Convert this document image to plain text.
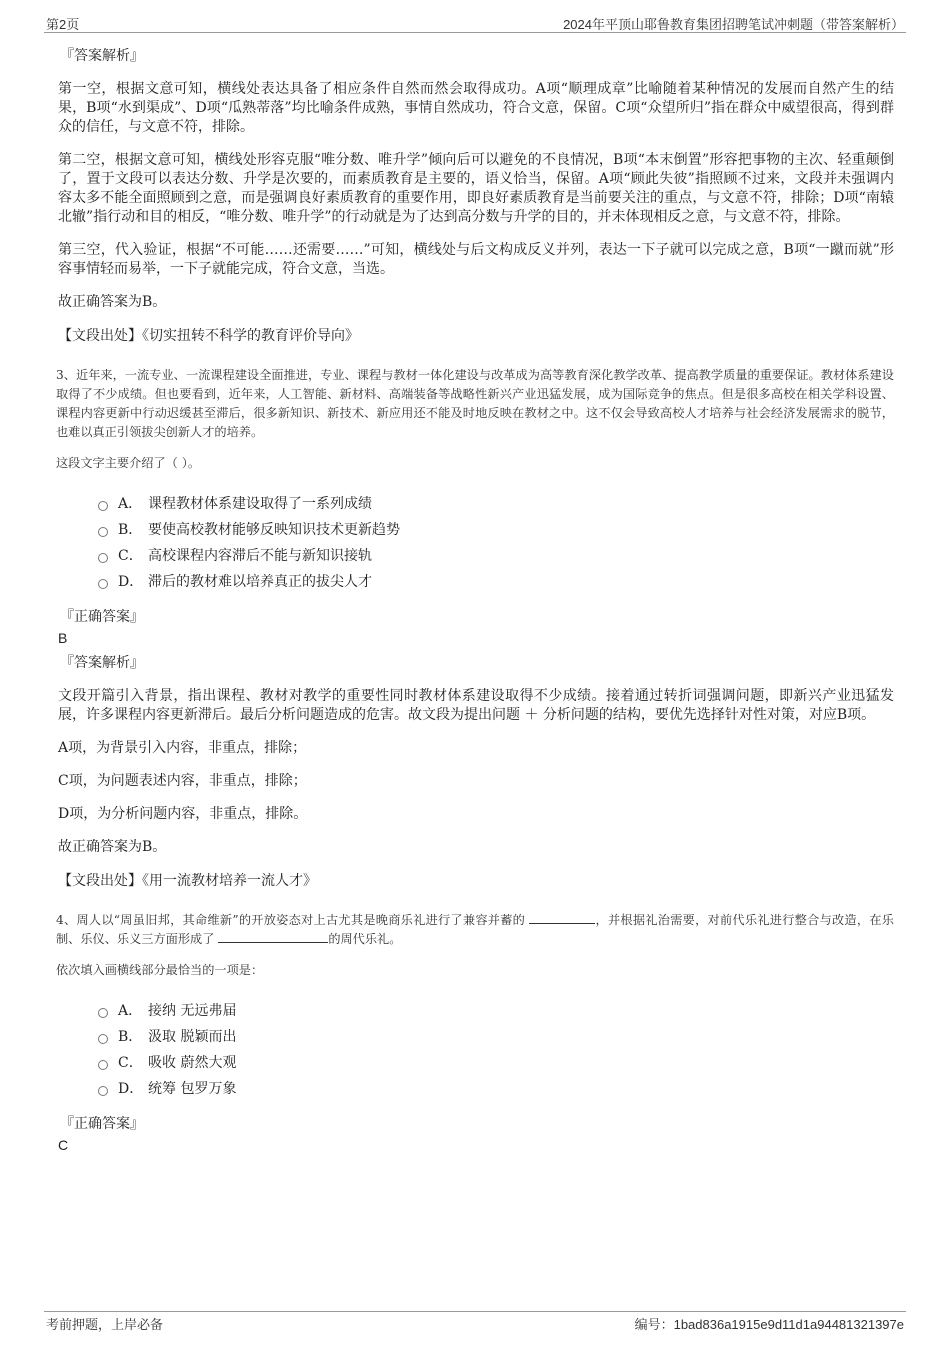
第2页	2024年平顶山耶鲁教育集团招聘笔试冲刺题（带答案解析）
『答案解析』

第一空，根据文意可知，横线处表达具备了相应条件自然而然会取得成功。A项“顺理成章”比喻随着某种情况的发展而自然产生的结果，B项“水到渠成”、D项“瓜熟蒂落”均比喻条件成熟，事情自然成功，符合文意，保留。C项“众望所归”指在群众中威望很高，得到群众的信任，与文意不符，排除。

第二空，根据文意可知，横线处形容克服“唯分数、唯升学”倾向后可以避免的不良情况，B项“本末倒置”形容把事物的主次、轻重颠倒了，置于文段可以表达分数、升学是次要的，而素质教育是主要的，语义恰当，保留。A项“顾此失彼”指照顾不过来，文段并未强调内容太多不能全面照顾到之意，而是强调良好素质教育的重要作用，即良好素质教育是当前要关注的重点，与文意不符，排除；D项“南辕北辙”指行动和目的相反，“唯分数、唯升学”的行动就是为了达到高分数与升学的目的，并未体现相反之意，与文意不符，排除。

第三空，代入验证，根据“不可能……还需要……”可知，横线处与后文构成反义并列，表达一下子就可以完成之意，B项“一蹴而就”形容事情轻而易举，一下子就能完成，符合文意，当选。

故正确答案为B。

【文段出处】《切实扭转不科学的教育评价导向》

3、近年来，一流专业、一流课程建设全面推进，专业、课程与教材一体化建设与改革成为高等教育深化教学改革、提高教学质量的重要保证。教材体系建设取得了不少成绩。但也要看到，近年来，人工智能、新材料、高端装备等战略性新兴产业迅猛发展，成为国际竞争的焦点。但是很多高校在相关学科设置、课程内容更新中行动迟缓甚至滞后，很多新知识、新技术、新应用还不能及时地反映在教材之中。这不仅会导致高校人才培养与社会经济发展需求的脱节，也难以真正引领拔尖创新人才的培养。

这段文字主要介绍了（ ）。

A． 课程教材体系建设取得了一系列成绩
B． 要使高校教材能够反映知识技术更新趋势
C． 高校课程内容滞后不能与新知识接轨
D． 滞后的教材难以培养真正的拔尖人才
『正确答案』
B
『答案解析』

文段开篇引入背景，指出课程、教材对教学的重要性同时教材体系建设取得不少成绩。接着通过转折词强调问题，即新兴产业迅猛发展，许多课程内容更新滞后。最后分析问题造成的危害。故文段为提出问题 ＋ 分析问题的结构，要优先选择针对性对策，对应B项。

A项，为背景引入内容，非重点，排除；

C项，为问题表述内容，非重点，排除；

D项，为分析问题内容，非重点，排除。

故正确答案为B。

【文段出处】《用一流教材培养一流人才》

4、周人以“周虽旧邦，其命维新”的开放姿态对上古尤其是晚商乐礼进行了兼容并蓄的	，并根据礼治需要，对前代乐礼进行整合与改造，在乐制、乐仪、乐义三方面形成了	的周代乐礼。

依次填入画横线部分最恰当的一项是：

A． 接纳 无远弗届
B． 汲取 脱颖而出
C． 吸收 蔚然大观
D． 统筹 包罗万象
『正确答案』
C
考前押题，上岸必备	编号：1bad836a1915e9d11d1a94481321397e
